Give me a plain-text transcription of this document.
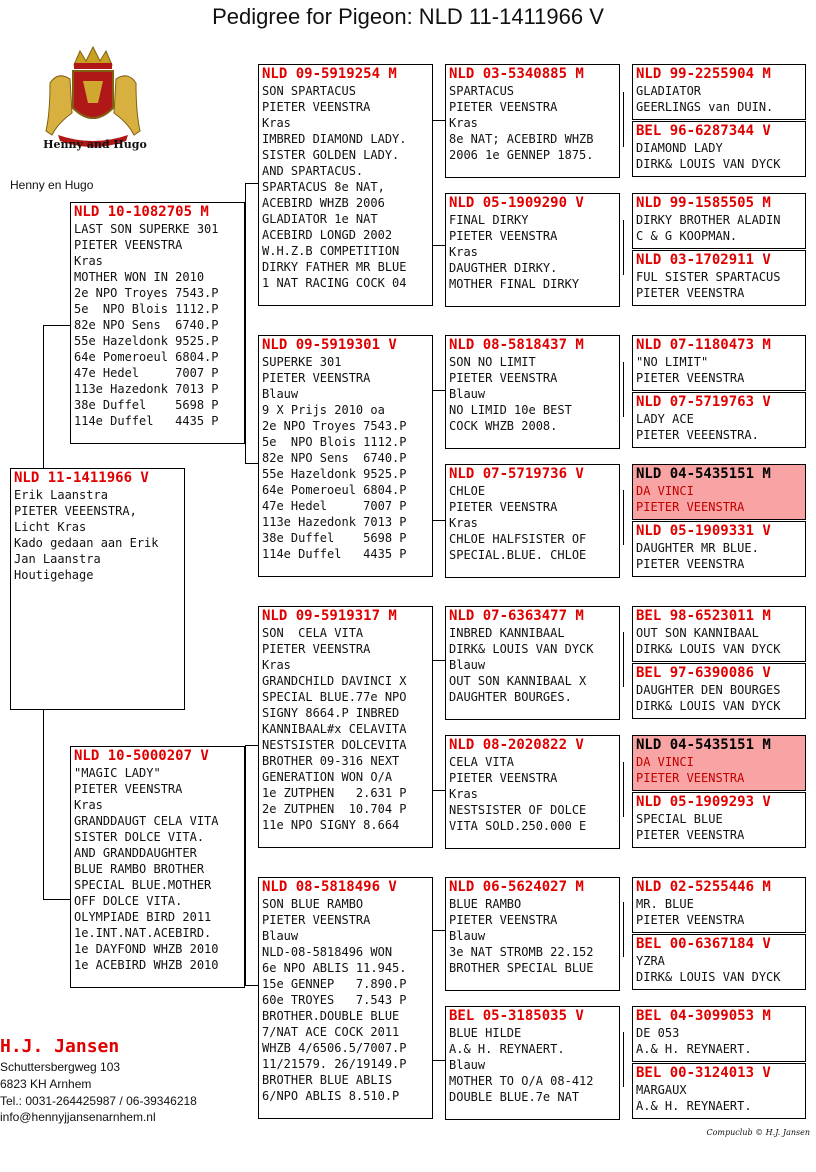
Pedigree for Pigeon: NLD 11-1411966 V
Henny and Hugo
Henny en Hugo
NLD 11-1411966 V
Erik Laanstra
PIETER VEEENSTRA,
Licht Kras
Kado gedaan aan Erik
Jan Laanstra
Houtigehage
NLD 10-1082705 M
LAST SON SUPERKE 301
PIETER VEENSTRA
Kras
MOTHER WON IN 2010
2e NPO Troyes 7543.P
5e  NPO Blois 1112.P
82e NPO Sens  6740.P
55e Hazeldonk 9525.P
64e Pomeroeul 6804.P
47e Hedel     7007 P
113e Hazedonk 7013 P
38e Duffel    5698 P
114e Duffel   4435 P
NLD 10-5000207 V
"MAGIC LADY"
PIETER VEENSTRA
Kras
GRANDDAUGT CELA VITA
SISTER DOLCE VITA.
AND GRANDDAUGHTER
BLUE RAMBO BROTHER
SPECIAL BLUE.MOTHER
OFF DOLCE VITA.
OLYMPIADE BIRD 2011
1e.INT.NAT.ACEBIRD.
1e DAYFOND WHZB 2010
1e ACEBIRD WHZB 2010
NLD 09-5919254 M
SON SPARTACUS
PIETER VEENSTRA
Kras
IMBRED DIAMOND LADY.
SISTER GOLDEN LADY.
AND SPARTACUS.
SPARTACUS 8e NAT,
ACEBIRD WHZB 2006
GLADIATOR 1e NAT
ACEBIRD LONGD 2002
W.H.Z.B COMPETITION
DIRKY FATHER MR BLUE
1 NAT RACING COCK 04
NLD 09-5919301 V
SUPERKE 301
PIETER VEENSTRA
Blauw
9 X Prijs 2010 oa
2e NPO Troyes 7543.P
5e  NPO Blois 1112.P
82e NPO Sens  6740.P
55e Hazeldonk 9525.P
64e Pomeroeul 6804.P
47e Hedel     7007 P
113e Hazedonk 7013 P
38e Duffel    5698 P
114e Duffel   4435 P
NLD 09-5919317 M
SON  CELA VITA
PIETER VEENSTRA
Kras
GRANDCHILD DAVINCI X
SPECIAL BLUE.77e NPO
SIGNY 8664.P INBRED
KANNIBAAL#x CELAVITA
NESTSISTER DOLCEVITA
BROTHER 09-316 NEXT
GENERATION WON O/A
1e ZUTPHEN   2.631 P
2e ZUTPHEN  10.704 P
11e NPO SIGNY 8.664
NLD 08-5818496 V
SON BLUE RAMBO
PIETER VEENSTRA
Blauw
NLD-08-5818496 WON
6e NPO ABLIS 11.945.
15e GENNEP   7.890.P
60e TROYES   7.543 P
BROTHER.DOUBLE BLUE
7/NAT ACE COCK 2011
WHZB 4/6506.5/7007.P
11/21579. 26/19149.P
BROTHER BLUE ABLIS
6/NPO ABLIS 8.510.P
NLD 03-5340885 M
SPARTACUS
PIETER VEENSTRA
Kras
8e NAT; ACEBIRD WHZB
2006 1e GENNEP 1875.
NLD 05-1909290 V
FINAL DIRKY
PIETER VEENSTRA
Kras
DAUGTHER DIRKY.
MOTHER FINAL DIRKY
NLD 08-5818437 M
SON NO LIMIT
PIETER VEENSTRA
Blauw
NO LIMID 10e BEST
COCK WHZB 2008.
NLD 07-5719736 V
CHLOE
PIETER VEENSTRA
Kras
CHLOE HALFSISTER OF
SPECIAL.BLUE. CHLOE
NLD 07-6363477 M
INBRED KANNIBAAL
DIRK& LOUIS VAN DYCK
Blauw
OUT SON KANNIBAAL X
DAUGHTER BOURGES.
NLD 08-2020822 V
CELA VITA
PIETER VEENSTRA
Kras
NESTSISTER OF DOLCE
VITA SOLD.250.000 E
NLD 06-5624027 M
BLUE RAMBO
PIETER VEENSTRA
Blauw
3e NAT STROMB 22.152
BROTHER SPECIAL BLUE
BEL 05-3185035 V
BLUE HILDE
A.& H. REYNAERT.
Blauw
MOTHER TO O/A 08-412
DOUBLE BLUE.7e NAT
NLD 99-2255904 M
GLADIATOR
GEERLINGS van DUIN.
BEL 96-6287344 V
DIAMOND LADY
DIRK& LOUIS VAN DYCK
NLD 99-1585505 M
DIRKY BROTHER ALADIN
C & G KOOPMAN.
NLD 03-1702911 V
FUL SISTER SPARTACUS
PIETER VEENSTRA
NLD 07-1180473 M
"NO LIMIT"
PIETER VEENSTRA
NLD 07-5719763 V
LADY ACE
PIETER VEEENSTRA.
NLD 04-5435151 M
DA VINCI
PIETER VEENSTRA
NLD 05-1909331 V
DAUGHTER MR BLUE.
PIETER VEENSTRA
BEL 98-6523011 M
OUT SON KANNIBAAL
DIRK& LOUIS VAN DYCK
BEL 97-6390086 V
DAUGHTER DEN BOURGES
DIRK& LOUIS VAN DYCK
NLD 04-5435151 M
DA VINCI
PIETER VEENSTRA
NLD 05-1909293 V
SPECIAL BLUE
PIETER VEENSTRA
NLD 02-5255446 M
MR. BLUE
PIETER VEENSTRA
BEL 00-6367184 V
YZRA
DIRK& LOUIS VAN DYCK
BEL 04-3099053 M
DE 053
A.& H. REYNAERT.
BEL 00-3124013 V
MARGAUX
A.& H. REYNAERT.
H.J. Jansen
Schuttersbergweg 103
6823 KH Arnhem
Tel.: 0031-264425987 / 06-39346218
info@hennyjjansenarnhem.nl
Compuclub © H.J. Jansen
